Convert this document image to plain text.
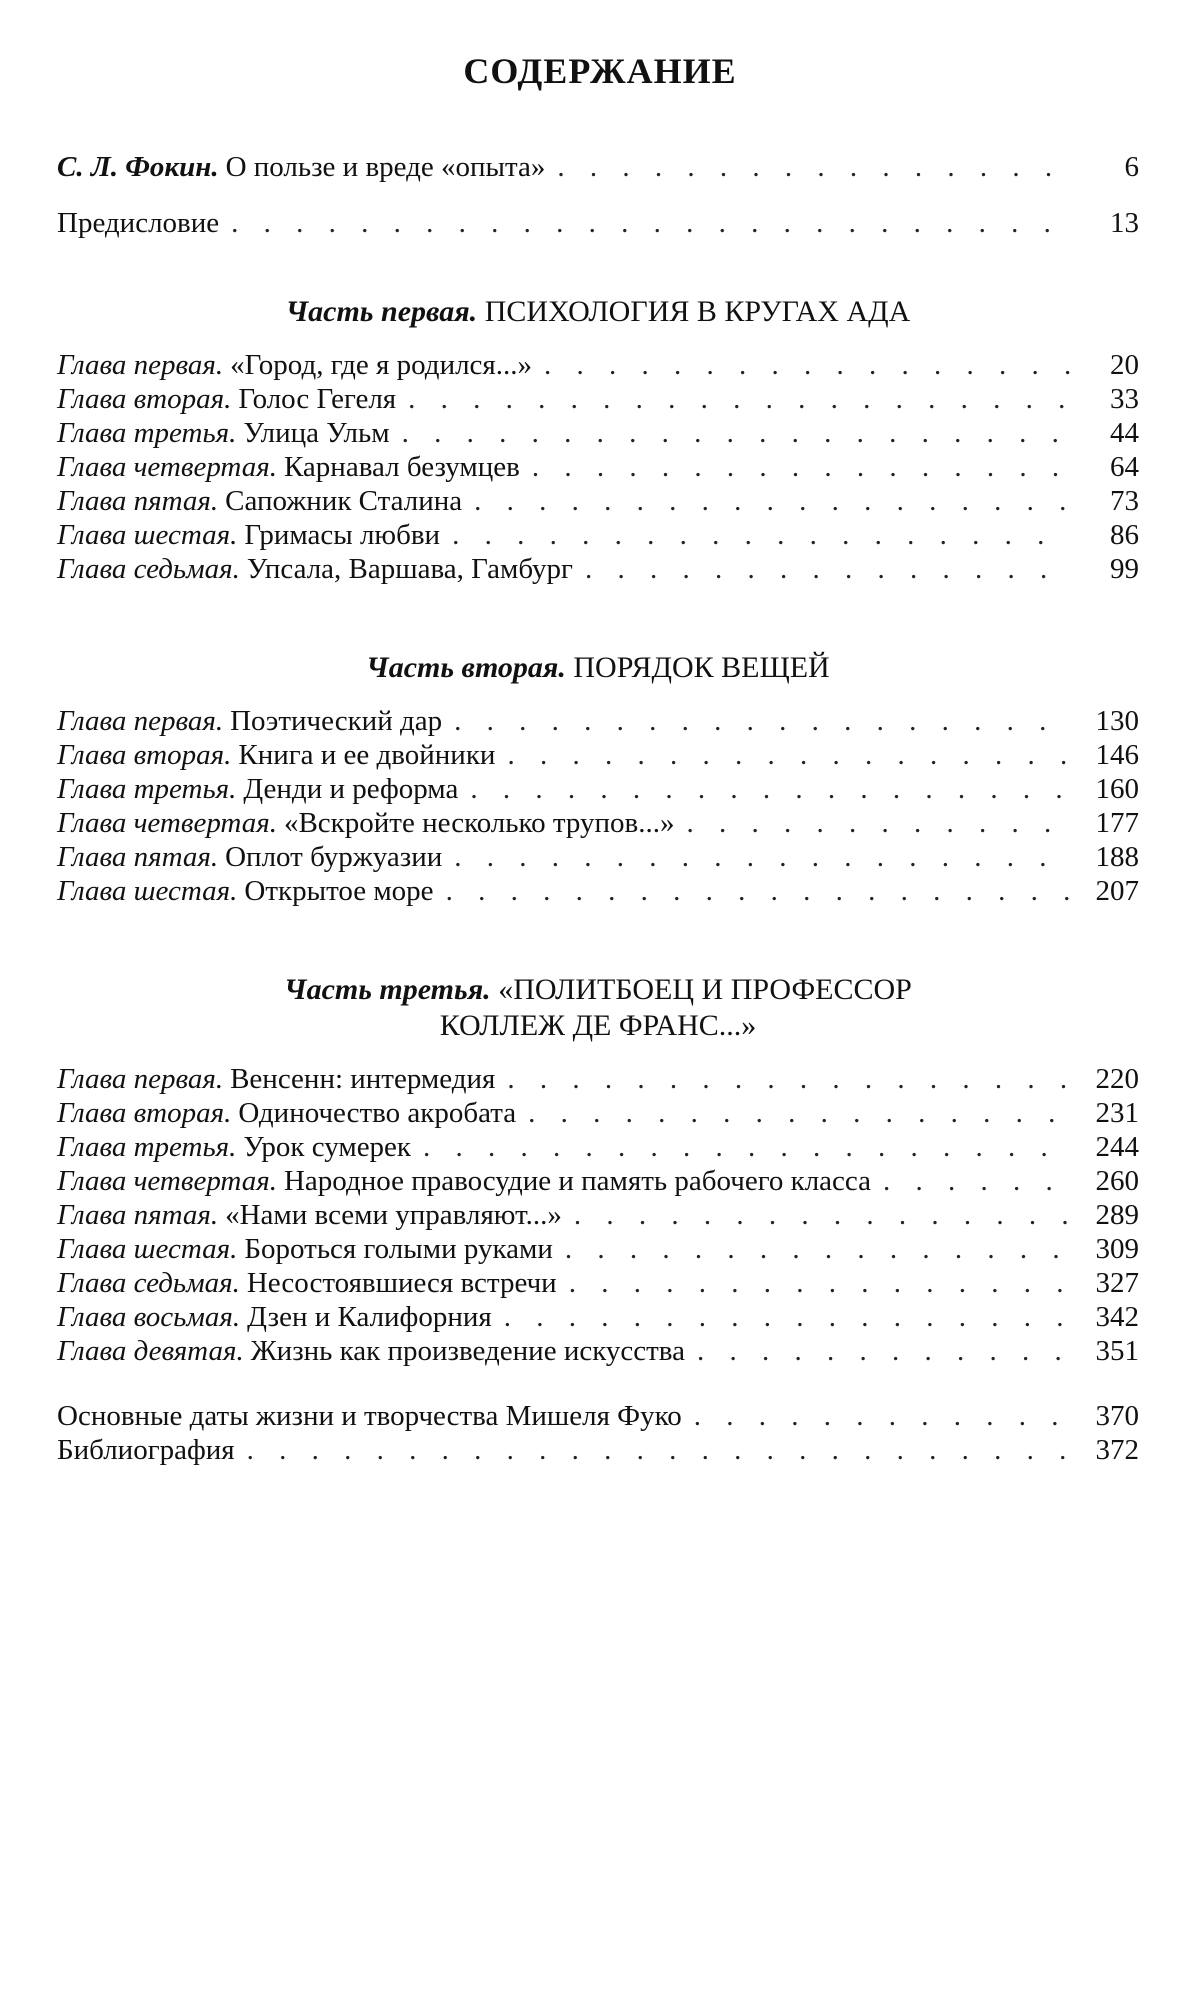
СОДЕРЖАНИЕ
С. Л. Фокин. О пользе и вреде «опыта»
. . .	6
Предисловие
. . .	13
Часть первая. ПСИХОЛОГИЯ В КРУГАХ АДА
Глава первая. «Город, где я родился...»
. . .	20
Глава вторая. Голос Гегеля
. . .	33
Глава третья. Улица Ульм
. . .	44
Глава четвертая. Карнавал безумцев
. . .	64
Глава пятая. Сапожник Сталина
. . .	73
Глава шестая. Гримасы любви
. . .	86
Глава седьмая. Упсала, Варшава, Гамбург
. . .	99
Часть вторая. ПОРЯДОК ВЕЩЕЙ
Глава первая. Поэтический дар
. . .	130
Глава вторая. Книга и ее двойники
. . .	146
Глава третья. Денди и реформа
. . .	160
Глава четвертая. «Вскройте несколько трупов...»
. . .	177
Глава пятая. Оплот буржуазии
. . .	188
Глава шестая. Открытое море
. . .	207
Часть третья. «ПОЛИТБОЕЦ И ПРОФЕССОР
КОЛЛЕЖ ДЕ ФРАНС...»
Глава первая. Венсенн: интермедия
. . .	220
Глава вторая. Одиночество акробата
. . .	231
Глава третья. Урок сумерек
. . .	244
Глава четвертая. Народное правосудие и память рабочего класса
. . .	260
Глава пятая. «Нами всеми управляют...»
. . .	289
Глава шестая. Бороться голыми руками
. . .	309
Глава седьмая. Несостоявшиеся встречи
. . .	327
Глава восьмая. Дзен и Калифорния
. . .	342
Глава девятая. Жизнь как произведение искусства
. . .	351
Основные даты жизни и творчества Мишеля Фуко
. . .	370
Библиография
. . .	372
